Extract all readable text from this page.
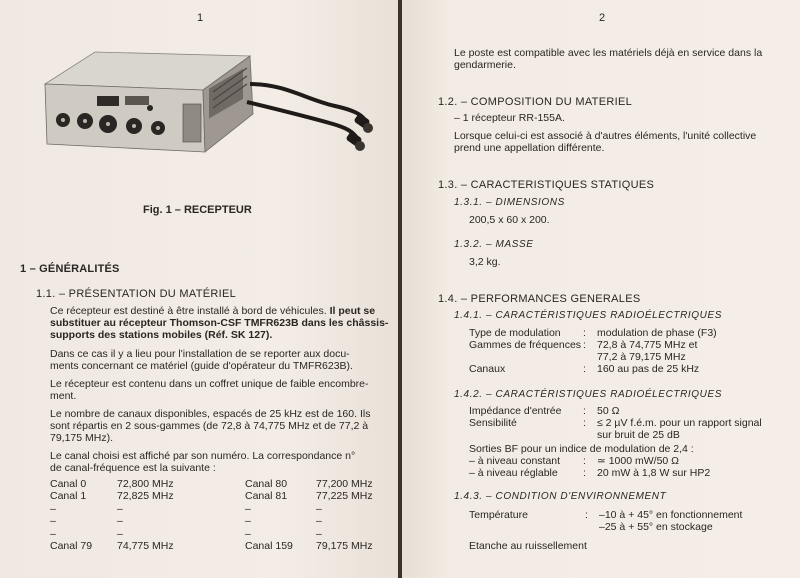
1
Fig. 1 – RECEPTEUR
1 – GÉNÉRALITÉS
1.1. – PRÉSENTATION DU MATÉRIEL
Ce récepteur est destiné à être installé à bord de véhicules. Il peut se
substituer au récepteur Thomson-CSF TMFR623B dans les châssis-
supports des stations mobiles (Réf. SK 127).
Dans ce cas il y a lieu pour l'installation de se reporter aux docu-
ments concernant ce matériel (guide d'opérateur du TMFR623B).
Le récepteur est contenu dans un coffret unique de faible encombre-
ment.
Le nombre de canaux disponibles, espacés de 25 kHz est de 160. Ils
sont répartis en 2 sous-gammes (de 72,8 à 74,775 MHz et de 77,2 à
79,175 MHz).
Le canal choisi est affiché par son numéro. La correspondance n°
de canal-fréquence est la suivante :
Canal 0	72,800 MHz	Canal 80	77,200 MHz
Canal 1	72,825 MHz	Canal 81	77,225 MHz
–	–	–	–
–	–	–	–
–	–	–	–
Canal 79 74,775 MHz	Canal 159 79,175 MHz
2
Le poste est compatible avec les matériels déjà en service dans la
gendarmerie.
1.2. – COMPOSITION DU MATERIEL
– 1 récepteur RR-155A.
Lorsque celui-ci est associé à d'autres éléments, l'unité collective
prend une appellation différente.
1.3. – CARACTERISTIQUES STATIQUES
1.3.1. – DIMENSIONS
200,5 x 60 x 200.
1.3.2. – MASSE
3,2 kg.
1.4. – PERFORMANCES GENERALES
1.4.1. – CARACTÉRISTIQUES RADIOÉLECTRIQUES
Type de modulation : modulation de phase (F3)
Gammes de fréquences : 72,8 à 74,775 MHz et
77,2 à 79,175 MHz
Canaux	: 160 au pas de 25 kHz
1.4.2. – CARACTÉRISTIQUES RADIOÉLECTRIQUES
Impédance d'entrée : 50 Ω
Sensibilité	: ≤ 2 µV f.é.m. pour un rapport signal
sur bruit de 25 dB
Sorties BF pour un indice de modulation de 2,4 :
– à niveau constant : ≃ 1000 mW/50 Ω
– à niveau réglable : 20 mW à 1,8 W sur HP2
1.4.3. – CONDITION D'ENVIRONNEMENT
Température	: –10 à + 45° en fonctionnement
–25 à + 55° en stockage
Etanche au ruissellement
